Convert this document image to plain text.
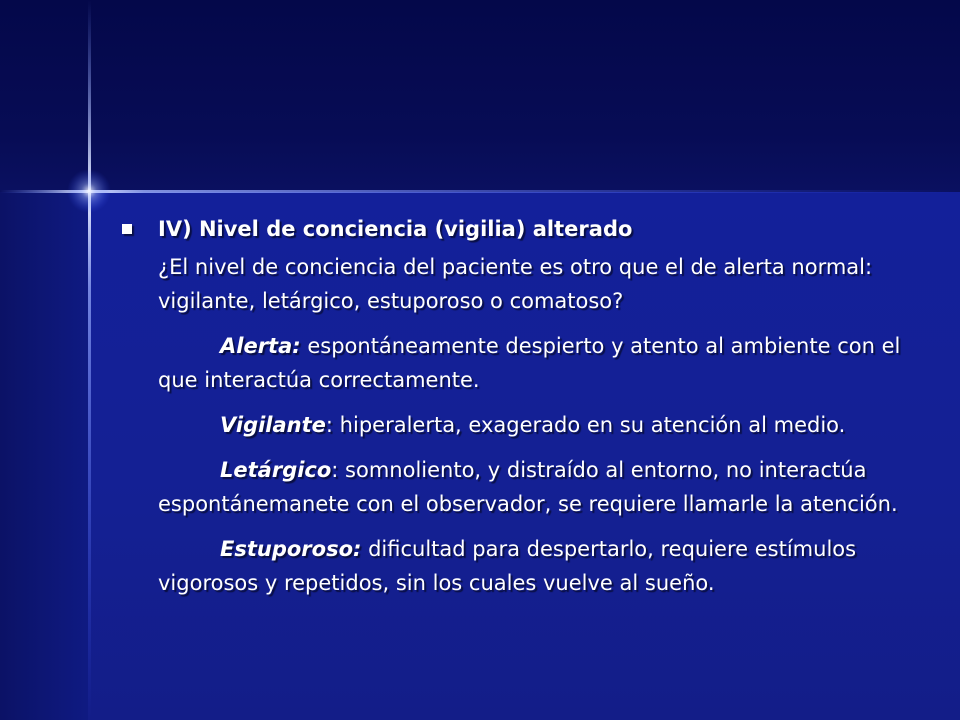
IV) Nivel de conciencia (vigilia) alterado
¿El nivel de conciencia del paciente es otro que el de alerta normal: vigilante, letárgico, estuporoso o comatoso?
Alerta: espontáneamente despierto y atento al ambiente con el que interactúa correctamente.
Vigilante: hiperalerta, exagerado en su atención al medio.
Letárgico: somnoliento, y distraído al entorno, no interactúa espontánemanete con el observador, se requiere llamarle la atención.
Estuporoso: dificultad para despertarlo, requiere estímulos vigorosos y repetidos, sin los cuales vuelve al sueño.
